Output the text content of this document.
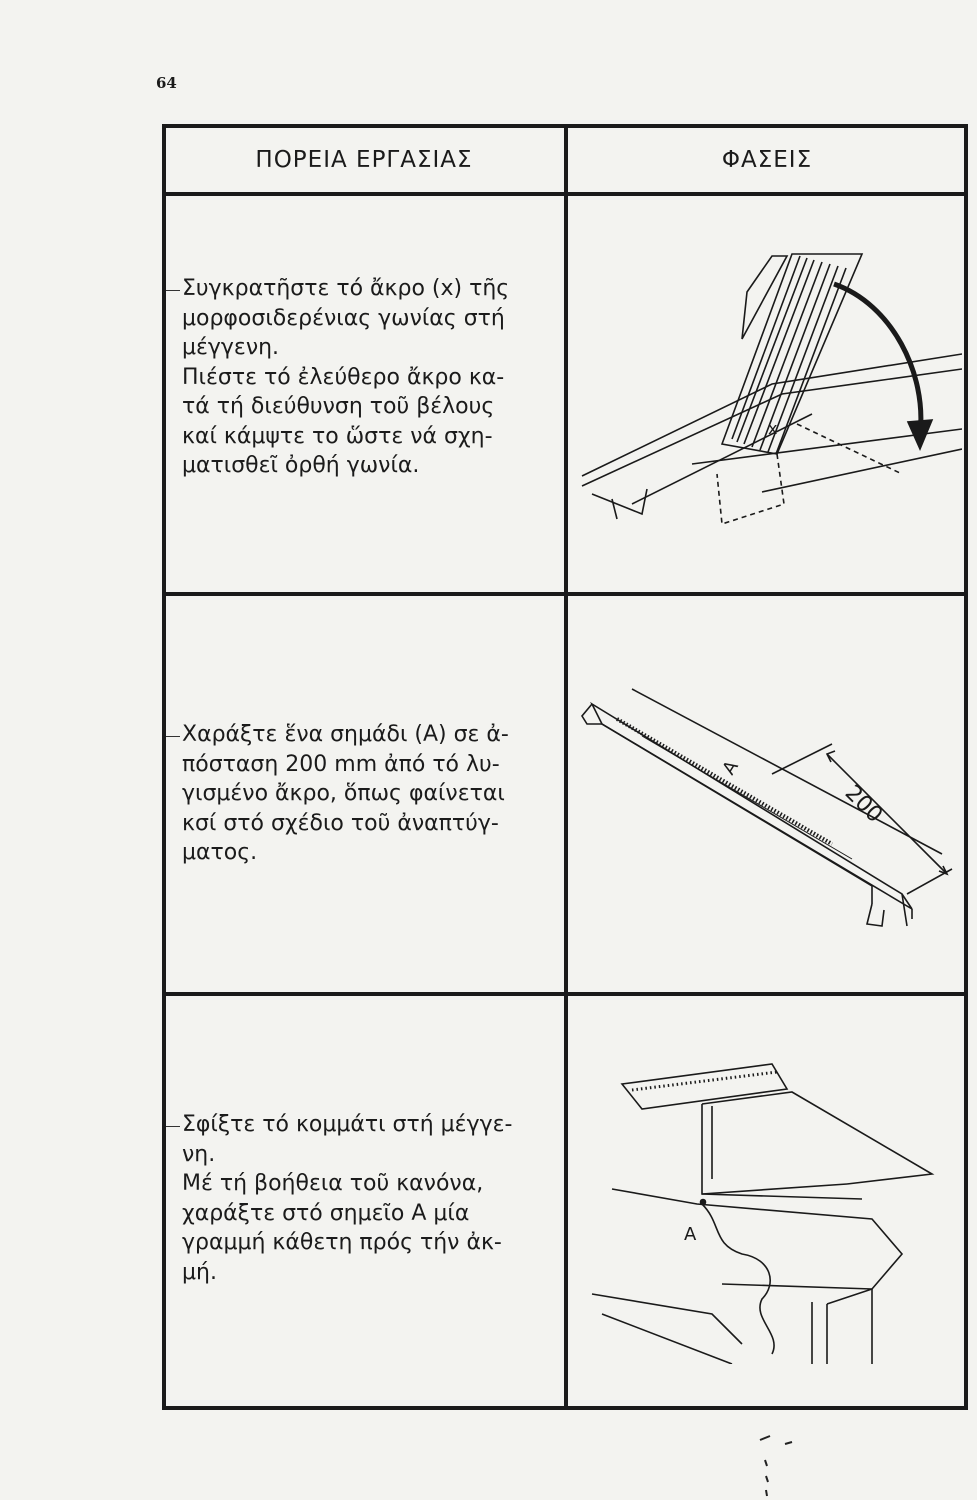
64
ΠΟΡΕΙΑ ΕΡΓΑΣΙΑΣ	ΦΑΣΕΙΣ

Συγκρατῆστε τό ἄκρο (x) τῆς
μορφοσιδερένιας γωνίας στή
μέγγενη.
Πιέστε τό ἐλεύθερο ἄκρο κα-
τά τή διεύθυνση τοῦ βέλους
καί κάμψτε το ὥστε νά σχη-
ματισθεῖ ὀρθή γωνία.

x

Χαράξτε ἕνα σημάδι (Α) σε ἀ-
πόσταση 200 mm ἀπό τό λυ-
γισμένο ἄκρο, ὅπως φαίνεται
κσί στό σχέδιο τοῦ ἀναπτύγ-
ματος.

A
200

Σφίξτε τό κομμάτι στή μέγγε-
νη.
Μέ τή βοήθεια τοῦ κανόνα,
χαράξτε στό σημεῖο Α μία
γραμμή κάθετη πρός τήν ἀκ-
μή.

A
